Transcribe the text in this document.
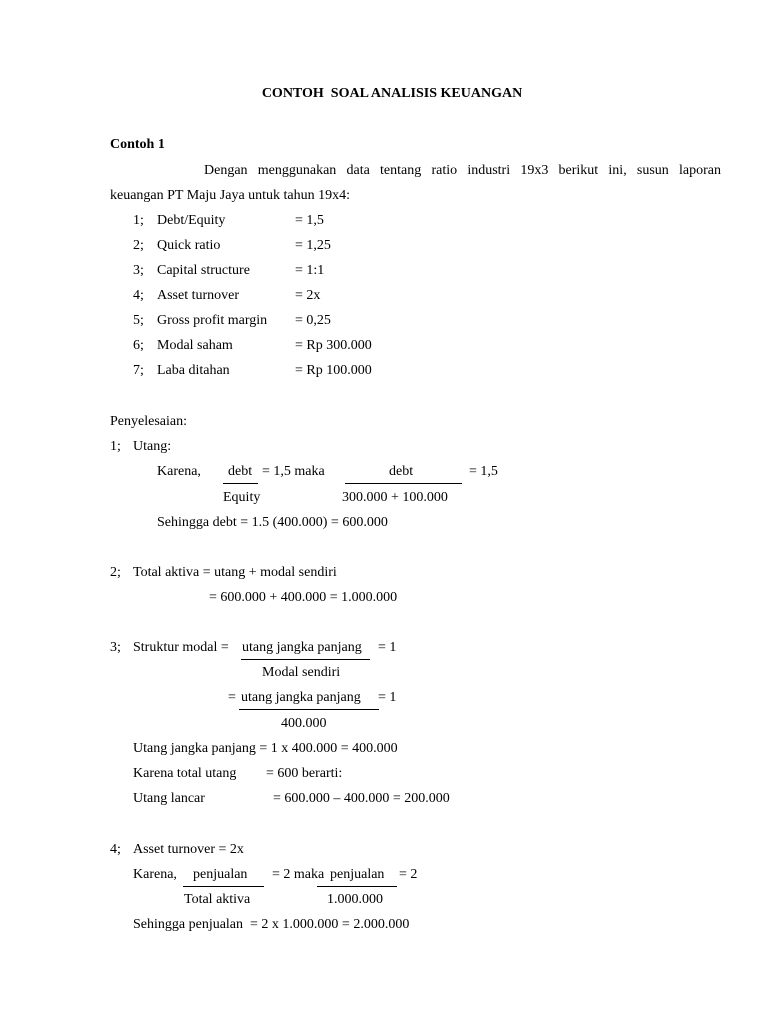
CONTOH  SOAL ANALISIS KEUANGAN
Contoh 1
Dengan menggunakan data tentang ratio industri 19x3 berikut ini, susun laporan
keuangan PT Maju Jaya untuk tahun 19x4:
1; Debt/Equity	= 1,5
2; Quick ratio	= 1,25
3; Capital structure	= 1:1
4; Asset turnover	= 2x
5; Gross profit margin = 0,25
6; Modal saham	= Rp 300.000
7; Laba ditahan	= Rp 100.000
Penyelesaian:
1; Utang:
Karena, debt = 1,5 maka	debt	= 1,5
Equity	300.000 + 100.000
Sehingga debt = 1.5 (400.000) = 600.000
2; Total aktiva = utang + modal sendiri
= 600.000 + 400.000 = 1.000.000
3; Struktur modal = utang jangka panjang = 1
Modal sendiri
= utang jangka panjang = 1
400.000
Utang jangka panjang = 1 x 400.000 = 400.000
Karena total utang = 600 berarti:
Utang lancar	= 600.000 – 400.000 = 200.000
4; Asset turnover = 2x
Karena, penjualan = 2 maka penjualan = 2
Total aktiva	1.000.000
Sehingga penjualan  = 2 x 1.000.000 = 2.000.000
